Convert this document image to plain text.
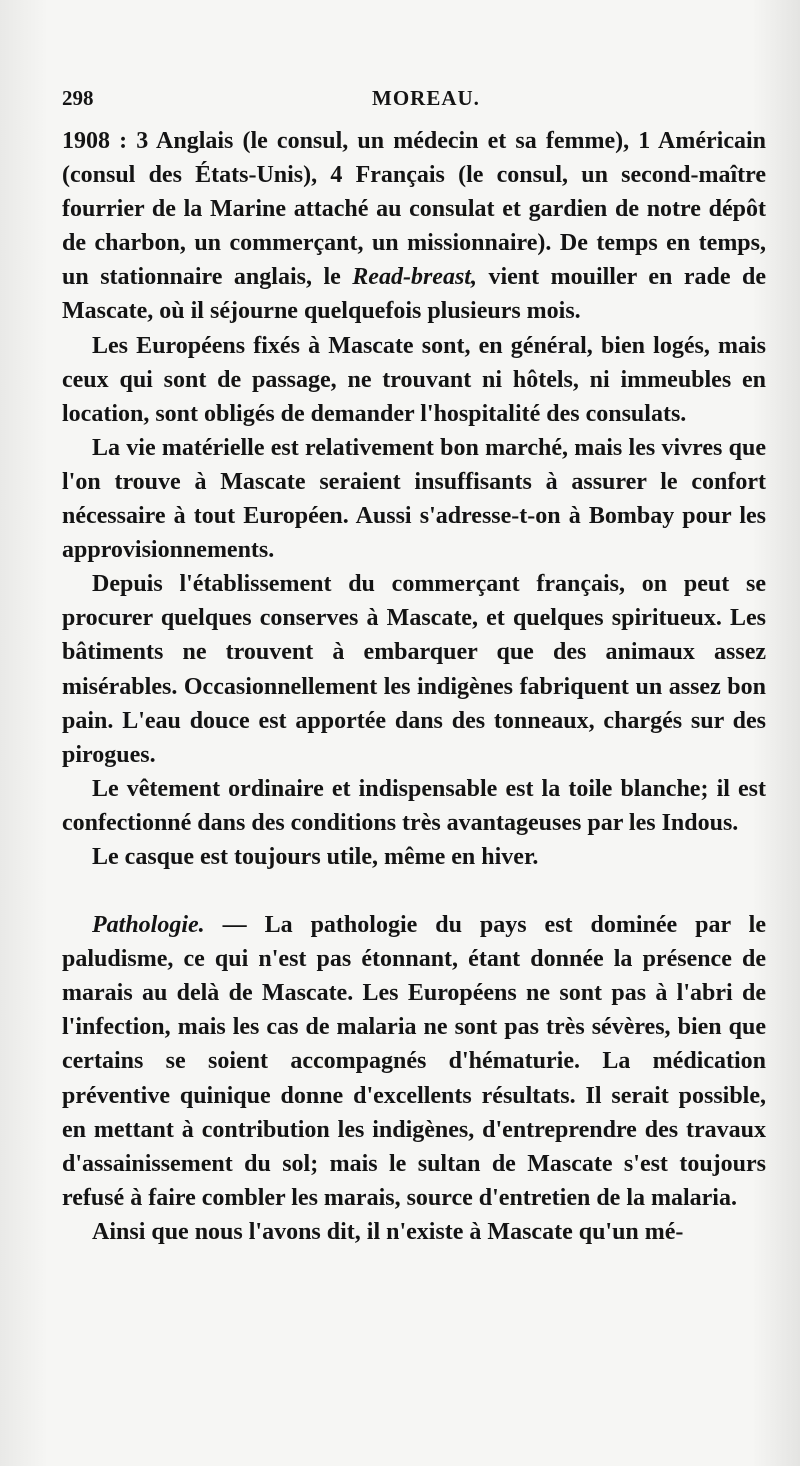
298	MOREAU.

1908 : 3 Anglais (le consul, un médecin et sa femme), 1 Américain (consul des États-Unis), 4 Français (le consul, un second-maître fourrier de la Marine attaché au consulat et gardien de notre dépôt de charbon, un commerçant, un missionnaire). De temps en temps, un stationnaire anglais, le Read-breast, vient mouiller en rade de Mascate, où il séjourne quelquefois plusieurs mois.

Les Européens fixés à Mascate sont, en général, bien logés, mais ceux qui sont de passage, ne trouvant ni hôtels, ni immeubles en location, sont obligés de demander l'hospitalité des consulats.

La vie matérielle est relativement bon marché, mais les vivres que l'on trouve à Mascate seraient insuffisants à assurer le confort nécessaire à tout Européen. Aussi s'adresse-t-on à Bombay pour les approvisionnements.

Depuis l'établissement du commerçant français, on peut se procurer quelques conserves à Mascate, et quelques spiritueux. Les bâtiments ne trouvent à embarquer que des animaux assez misérables. Occasionnellement les indigènes fabriquent un assez bon pain. L'eau douce est apportée dans des tonneaux, chargés sur des pirogues.

Le vêtement ordinaire et indispensable est la toile blanche; il est confectionné dans des conditions très avantageuses par les Indous.

Le casque est toujours utile, même en hiver.

Pathologie. — La pathologie du pays est dominée par le paludisme, ce qui n'est pas étonnant, étant donnée la présence de marais au delà de Mascate. Les Européens ne sont pas à l'abri de l'infection, mais les cas de malaria ne sont pas très sévères, bien que certains se soient accompagnés d'hématurie. La médication préventive quinique donne d'excellents résultats. Il serait possible, en mettant à contribution les indigènes, d'entreprendre des travaux d'assainissement du sol; mais le sultan de Mascate s'est toujours refusé à faire combler les marais, source d'entretien de la malaria.

Ainsi que nous l'avons dit, il n'existe à Mascate qu'un mé-
